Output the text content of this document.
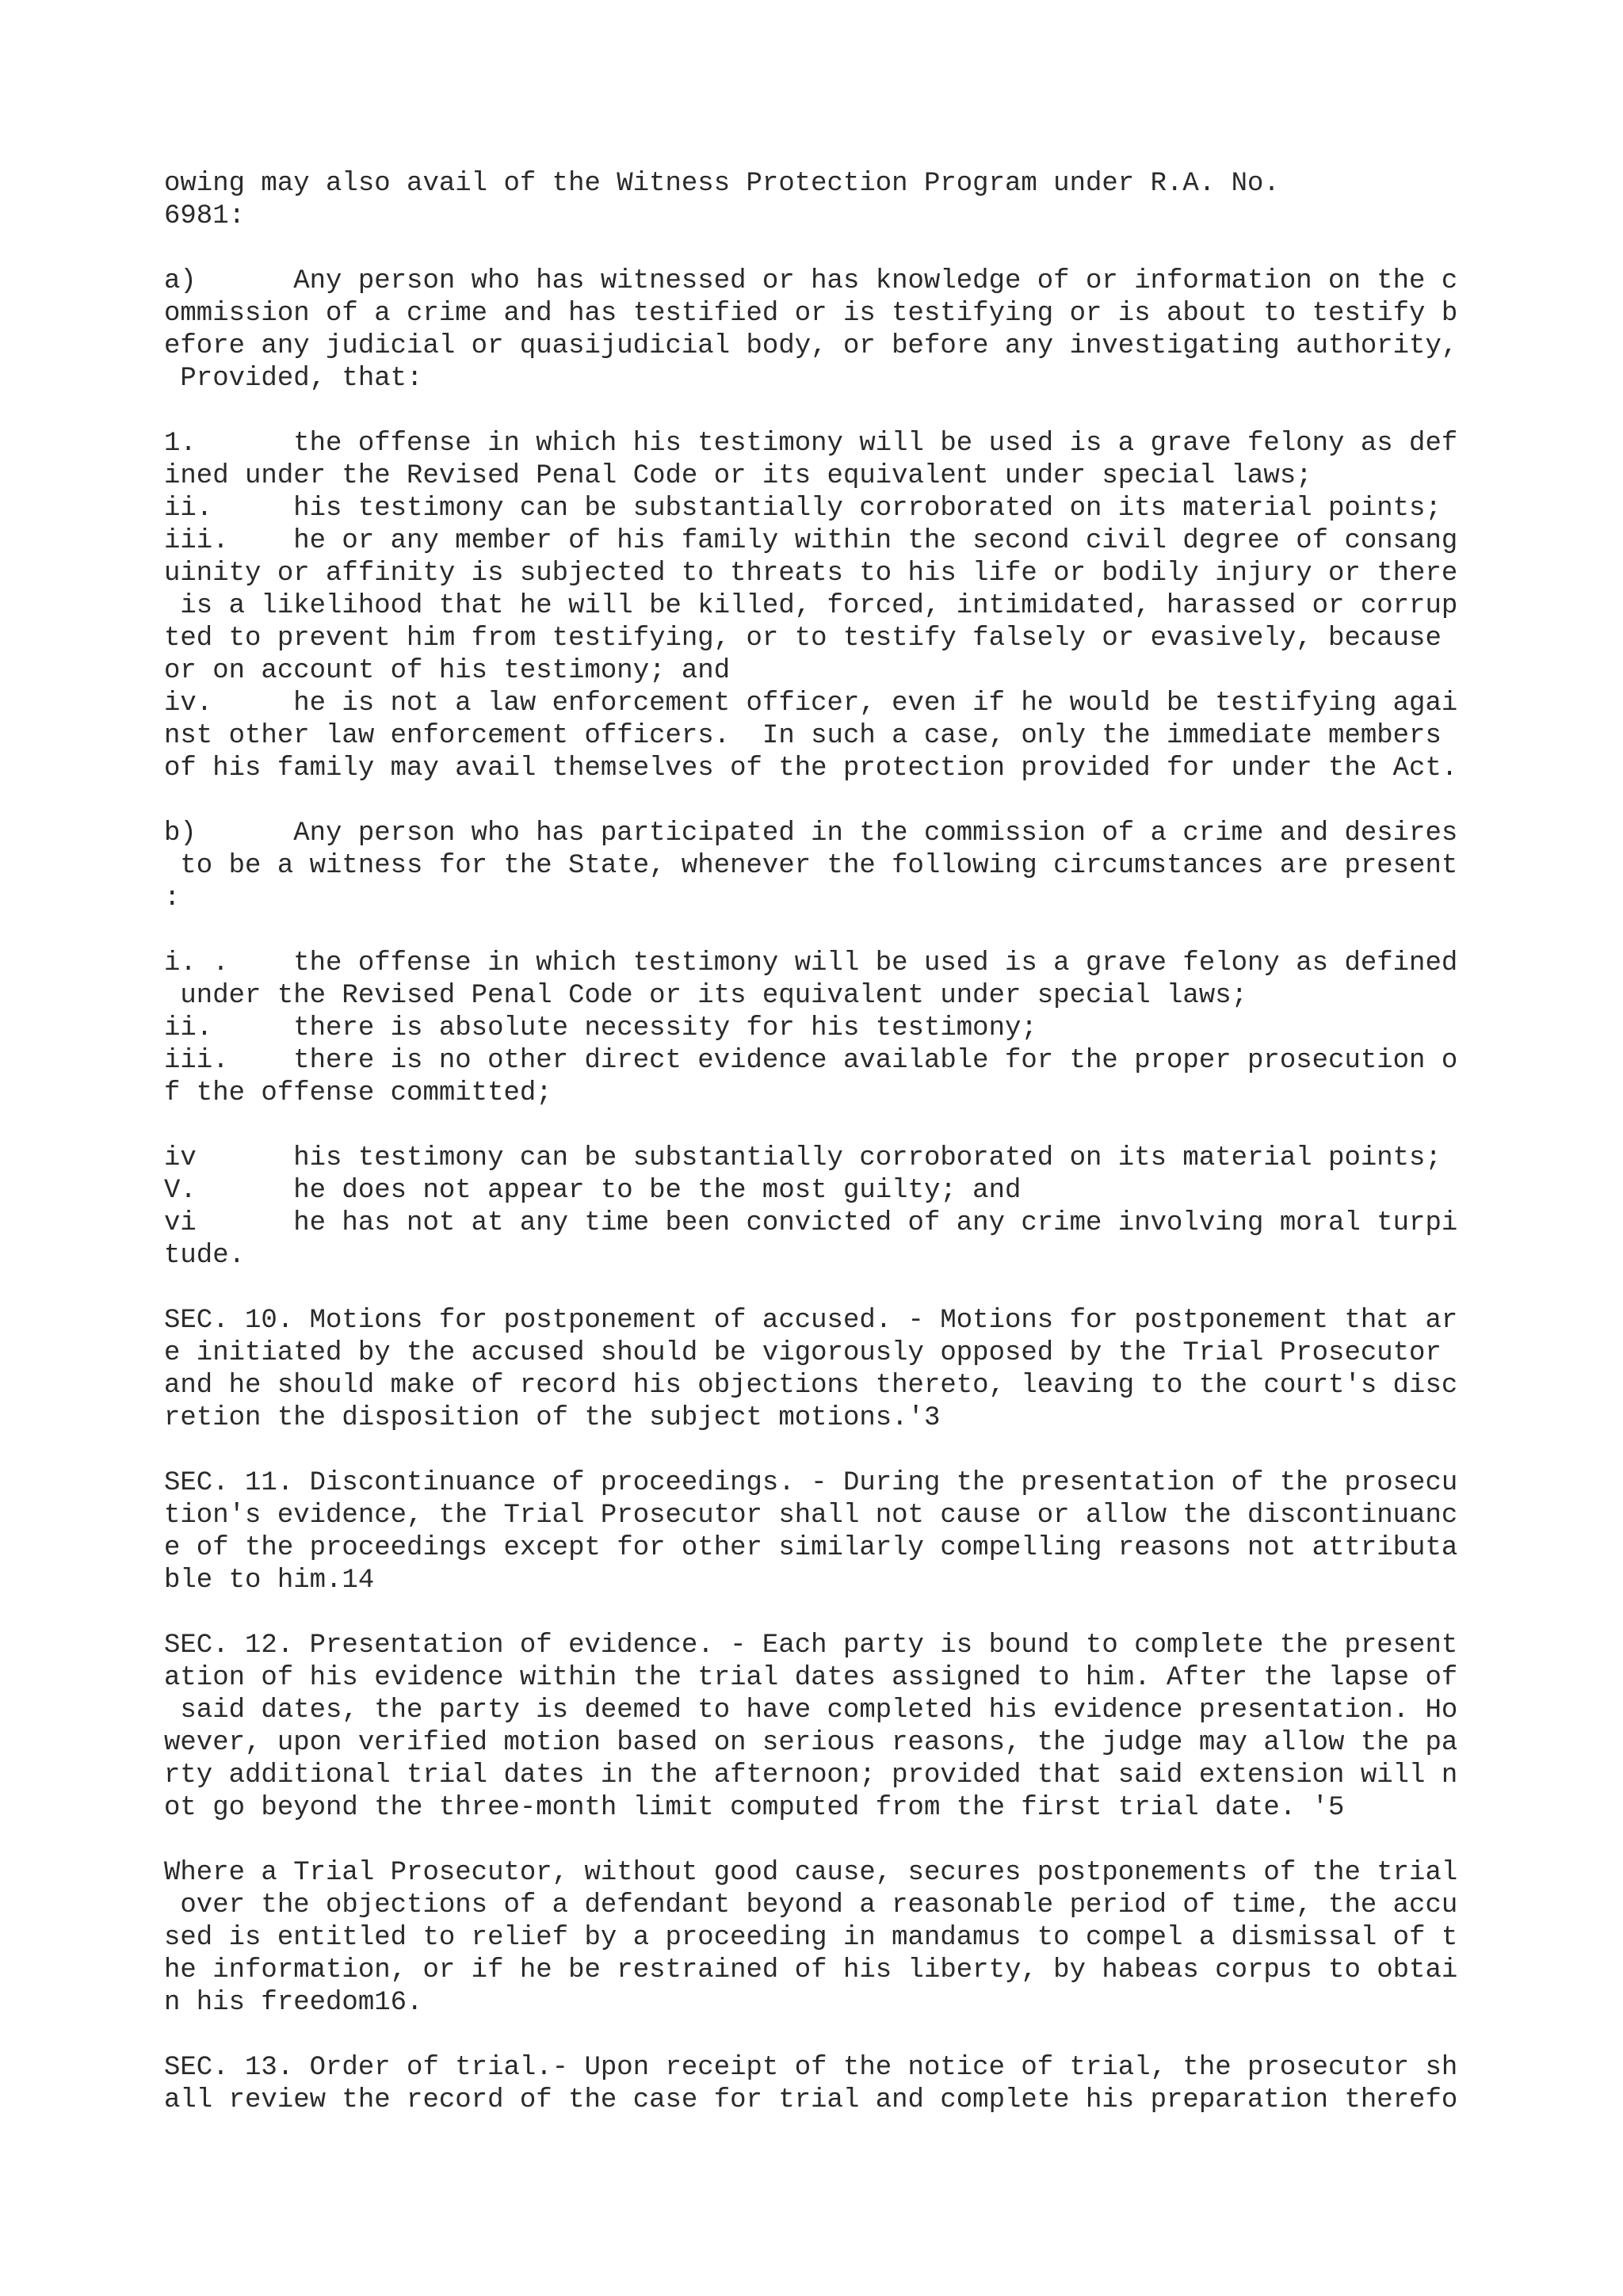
owing may also avail of the Witness Protection Program under R.A. No.
6981:
a)      Any person who has witnessed or has knowledge of or information on the c
ommission of a crime and has testified or is testifying or is about to testify b
efore any judicial or quasijudicial body, or before any investigating authority,
Provided, that:
1.      the offense in which his testimony will be used is a grave felony as def
ined under the Revised Penal Code or its equivalent under special laws;
ii.     his testimony can be substantially corroborated on its material points;
iii.    he or any member of his family within the second civil degree of consang
uinity or affinity is subjected to threats to his life or bodily injury or there
is a likelihood that he will be killed, forced, intimidated, harassed or corrup
ted to prevent him from testifying, or to testify falsely or evasively, because
or on account of his testimony; and
iv.     he is not a law enforcement officer, even if he would be testifying agai
nst other law enforcement officers.  In such a case, only the immediate members
of his family may avail themselves of the protection provided for under the Act.
b)      Any person who has participated in the commission of a crime and desires
to be a witness for the State, whenever the following circumstances are present
:
i. .    the offense in which testimony will be used is a grave felony as defined
under the Revised Penal Code or its equivalent under special laws;
ii.     there is absolute necessity for his testimony;
iii.    there is no other direct evidence available for the proper prosecution o
f the offense committed;
iv      his testimony can be substantially corroborated on its material points;
V.      he does not appear to be the most guilty; and
vi      he has not at any time been convicted of any crime involving moral turpi
tude.
SEC. 10. Motions for postponement of accused. - Motions for postponement that ar
e initiated by the accused should be vigorously opposed by the Trial Prosecutor
and he should make of record his objections thereto, leaving to the court's disc
retion the disposition of the subject motions.'3
SEC. 11. Discontinuance of proceedings. - During the presentation of the prosecu
tion's evidence, the Trial Prosecutor shall not cause or allow the discontinuanc
e of the proceedings except for other similarly compelling reasons not attributa
ble to him.14
SEC. 12. Presentation of evidence. - Each party is bound to complete the present
ation of his evidence within the trial dates assigned to him. After the lapse of
said dates, the party is deemed to have completed his evidence presentation. Ho
wever, upon verified motion based on serious reasons, the judge may allow the pa
rty additional trial dates in the afternoon; provided that said extension will n
ot go beyond the three-month limit computed from the first trial date. '5
Where a Trial Prosecutor, without good cause, secures postponements of the trial
over the objections of a defendant beyond a reasonable period of time, the accu
sed is entitled to relief by a proceeding in mandamus to compel a dismissal of t
he information, or if he be restrained of his liberty, by habeas corpus to obtai
n his freedom16.
SEC. 13. Order of trial.- Upon receipt of the notice of trial, the prosecutor sh
all review the record of the case for trial and complete his preparation therefo
